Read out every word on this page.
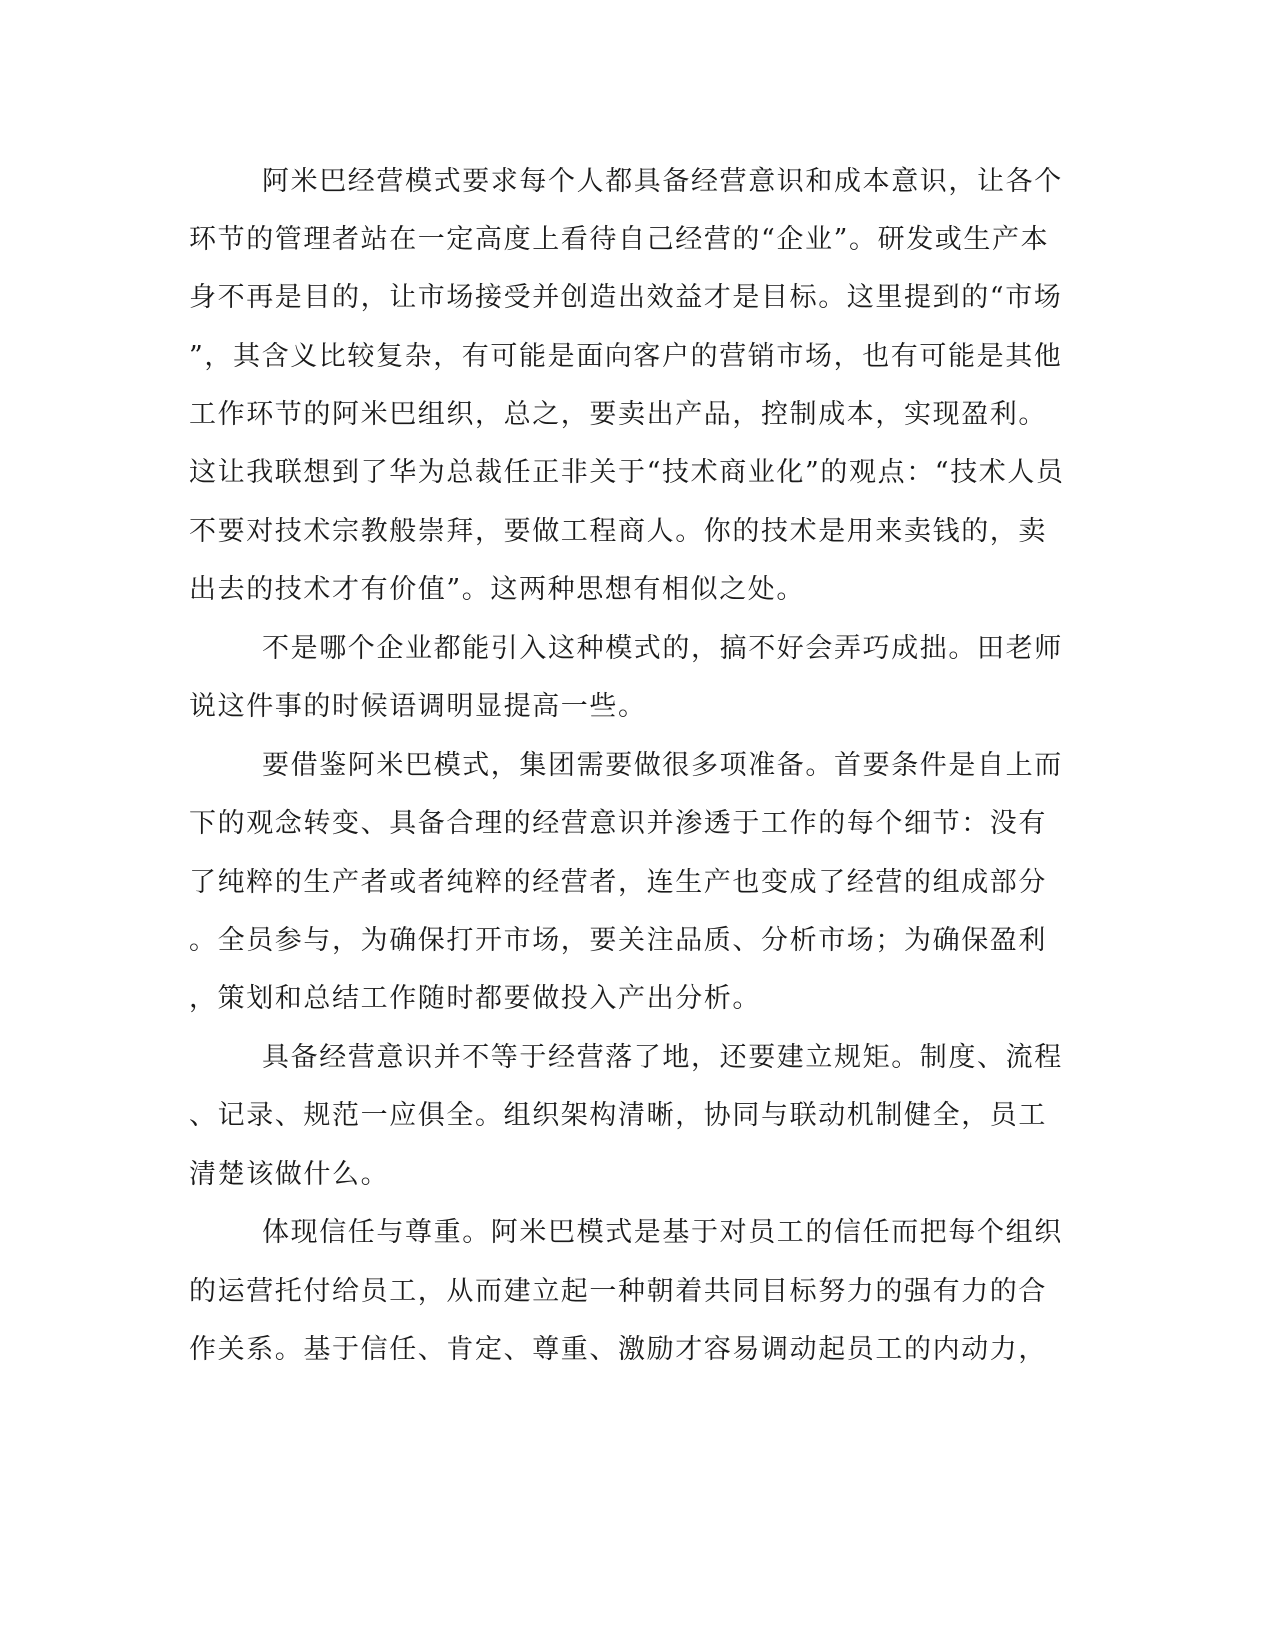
阿米巴经营模式要求每个人都具备经营意识和成本意识，让各个
环节的管理者站在一定高度上看待自己经营的“企业”。研发或生产本
身不再是目的，让市场接受并创造出效益才是目标。这里提到的“市场
”，其含义比较复杂，有可能是面向客户的营销市场，也有可能是其他
工作环节的阿米巴组织，总之，要卖出产品，控制成本，实现盈利。
这让我联想到了华为总裁任正非关于“技术商业化”的观点：“技术人员
不要对技术宗教般崇拜，要做工程商人。你的技术是用来卖钱的，卖
出去的技术才有价值”。这两种思想有相似之处。
不是哪个企业都能引入这种模式的，搞不好会弄巧成拙。田老师
说这件事的时候语调明显提高一些。
要借鉴阿米巴模式，集团需要做很多项准备。首要条件是自上而
下的观念转变、具备合理的经营意识并渗透于工作的每个细节：没有
了纯粹的生产者或者纯粹的经营者，连生产也变成了经营的组成部分
。全员参与，为确保打开市场，要关注品质、分析市场；为确保盈利
，策划和总结工作随时都要做投入产出分析。
具备经营意识并不等于经营落了地，还要建立规矩。制度、流程
、记录、规范一应俱全。组织架构清晰，协同与联动机制健全，员工
清楚该做什么。
体现信任与尊重。阿米巴模式是基于对员工的信任而把每个组织
的运营托付给员工，从而建立起一种朝着共同目标努力的强有力的合
作关系。基于信任、肯定、尊重、激励才容易调动起员工的内动力，
